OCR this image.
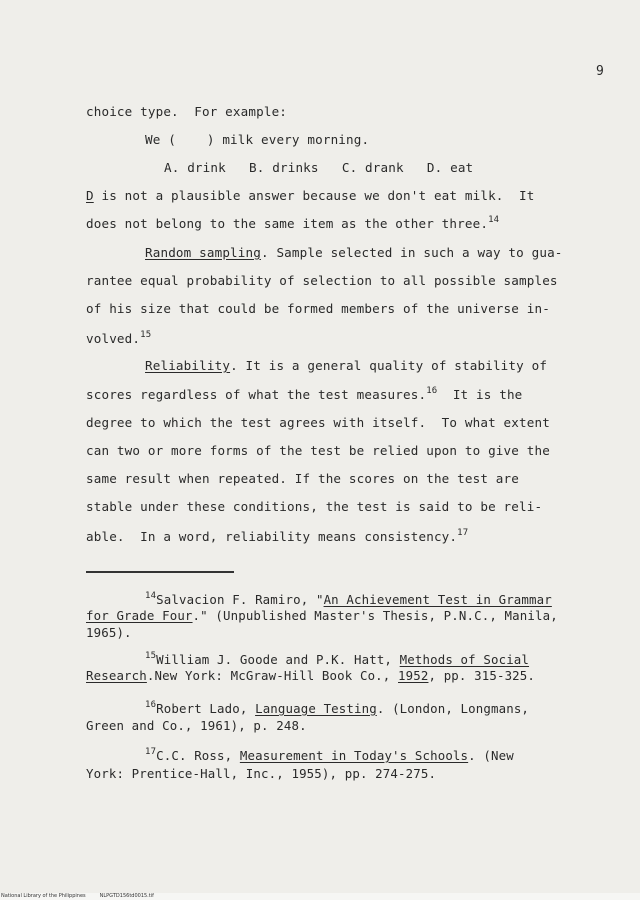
9
choice type.  For example:
We (    ) milk every morning.
A. drink   B. drinks   C. drank   D. eat
D is not a plausible answer because we don't eat milk.  It
does not belong to the same item as the other three.$^{14}$
Random sampling. Sample selected in such a way to gua-
rantee equal probability of selection to all possible samples
of his size that could be formed members of the universe in-
volved.$^{15}$
Reliability. It is a general quality of stability of
scores regardless of what the test measures.$^{16}$  It is the
degree to which the test agrees with itself.  To what extent
can two or more forms of the test be relied upon to give the
same result when repeated. If the scores on the test are
stable under these conditions, the test is said to be reli-
able.  In a word, reliability means consistency.$^{17}$
$^{14}$Salvacion F. Ramiro, "An Achievement Test in Grammar
for Grade Four." (Unpublished Master's Thesis, P.N.C., Manila,
1965).
$^{15}$William J. Goode and P.K. Hatt, Methods of Social
Research.New York: McGraw-Hill Book Co., 1952, pp. 315-325.
$^{16}$Robert Lado, Language Testing. (London, Longmans,
Green and Co., 1961), p. 248.
$^{17}$C.C. Ross, Measurement in Today's Schools. (New
York: Prentice-Hall, Inc., 1955), pp. 274-275.
National Library of the Philippines	NLPGTD156td0015.tif
